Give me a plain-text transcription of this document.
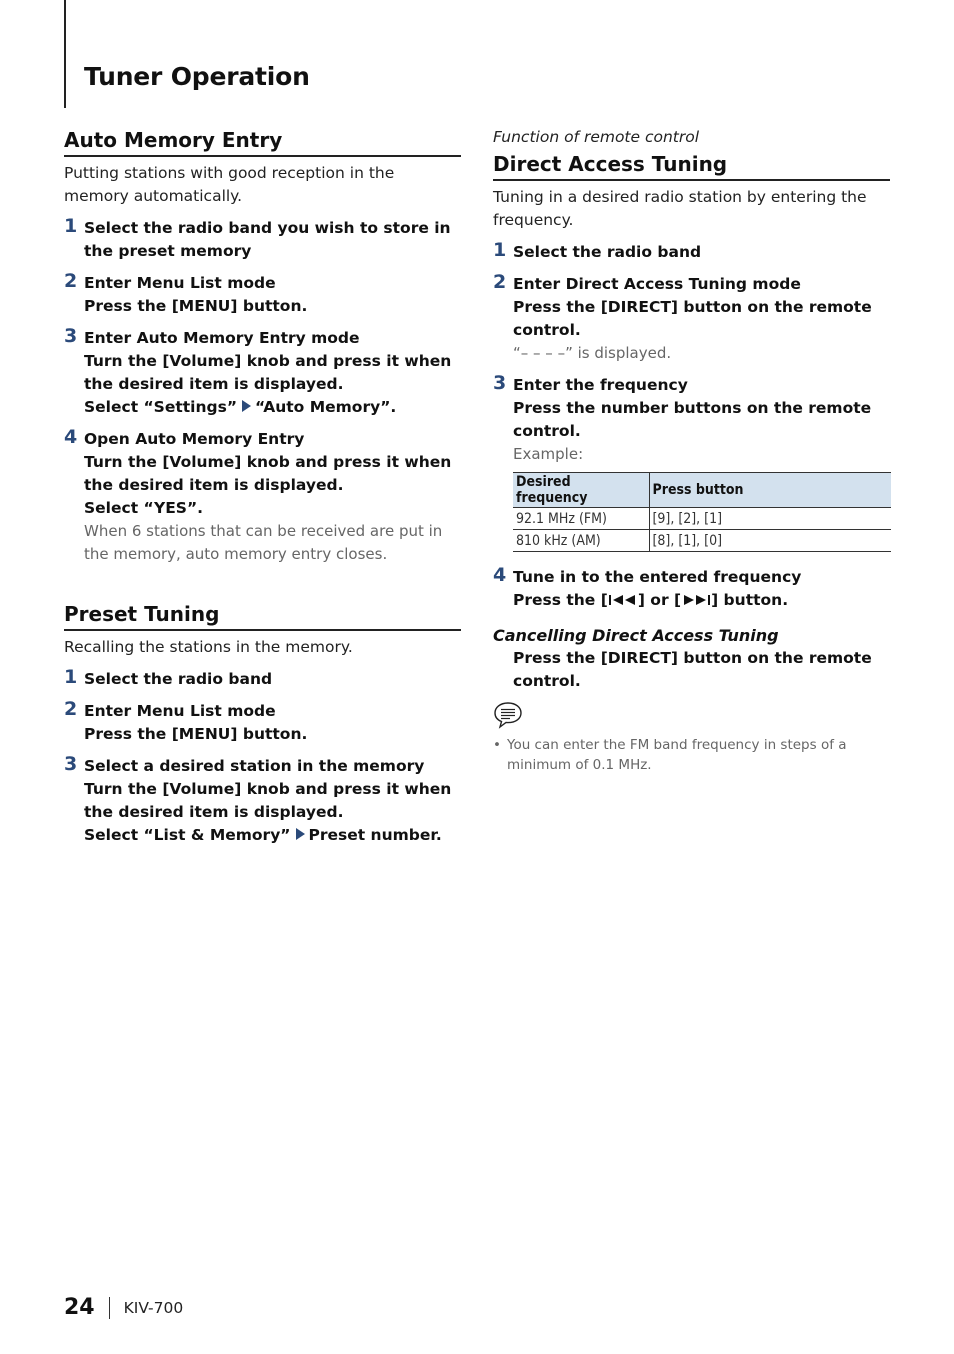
Tuner Operation
Auto Memory Entry

Putting stations with good reception in the memory automatically.

1 Select the radio band you wish to store in the preset memory
2 Enter Menu List mode
Press the [MENU] button.
3 Enter Auto Memory Entry mode
Turn the [Volume] knob and press it when the desired item is displayed.
Select “Settings” “Auto Memory”.
4 Open Auto Memory Entry
Turn the [Volume] knob and press it when the desired item is displayed.
Select “YES”.
When 6 stations that can be received are put in the memory, auto memory entry closes.
Preset Tuning

Recalling the stations in the memory.

1 Select the radio band
2 Enter Menu List mode
Press the [MENU] button.
3 Select a desired station in the memory
Turn the [Volume] knob and press it when the desired item is displayed.
Select “List & Memory” Preset number.
Function of remote control
Direct Access Tuning

Tuning in a desired radio station by entering the frequency.

1 Select the radio band
2 Enter Direct Access Tuning mode
Press the [DIRECT] button on the remote control.
“– – – –” is displayed.
3 Enter the frequency
Press the number buttons on the remote control.
Example:
Desired frequency	Press button
92.1 MHz (FM)	[9], [2], [1]
810 kHz (AM)	[8], [1], [0]
4 Tune in to the entered frequency
Press the [ ] or [ ] button.
Cancelling Direct Access Tuning
Press the [DIRECT] button on the remote control.
• You can enter the FM band frequency in steps of a minimum of 0.1 MHz.
24 KIV-700
